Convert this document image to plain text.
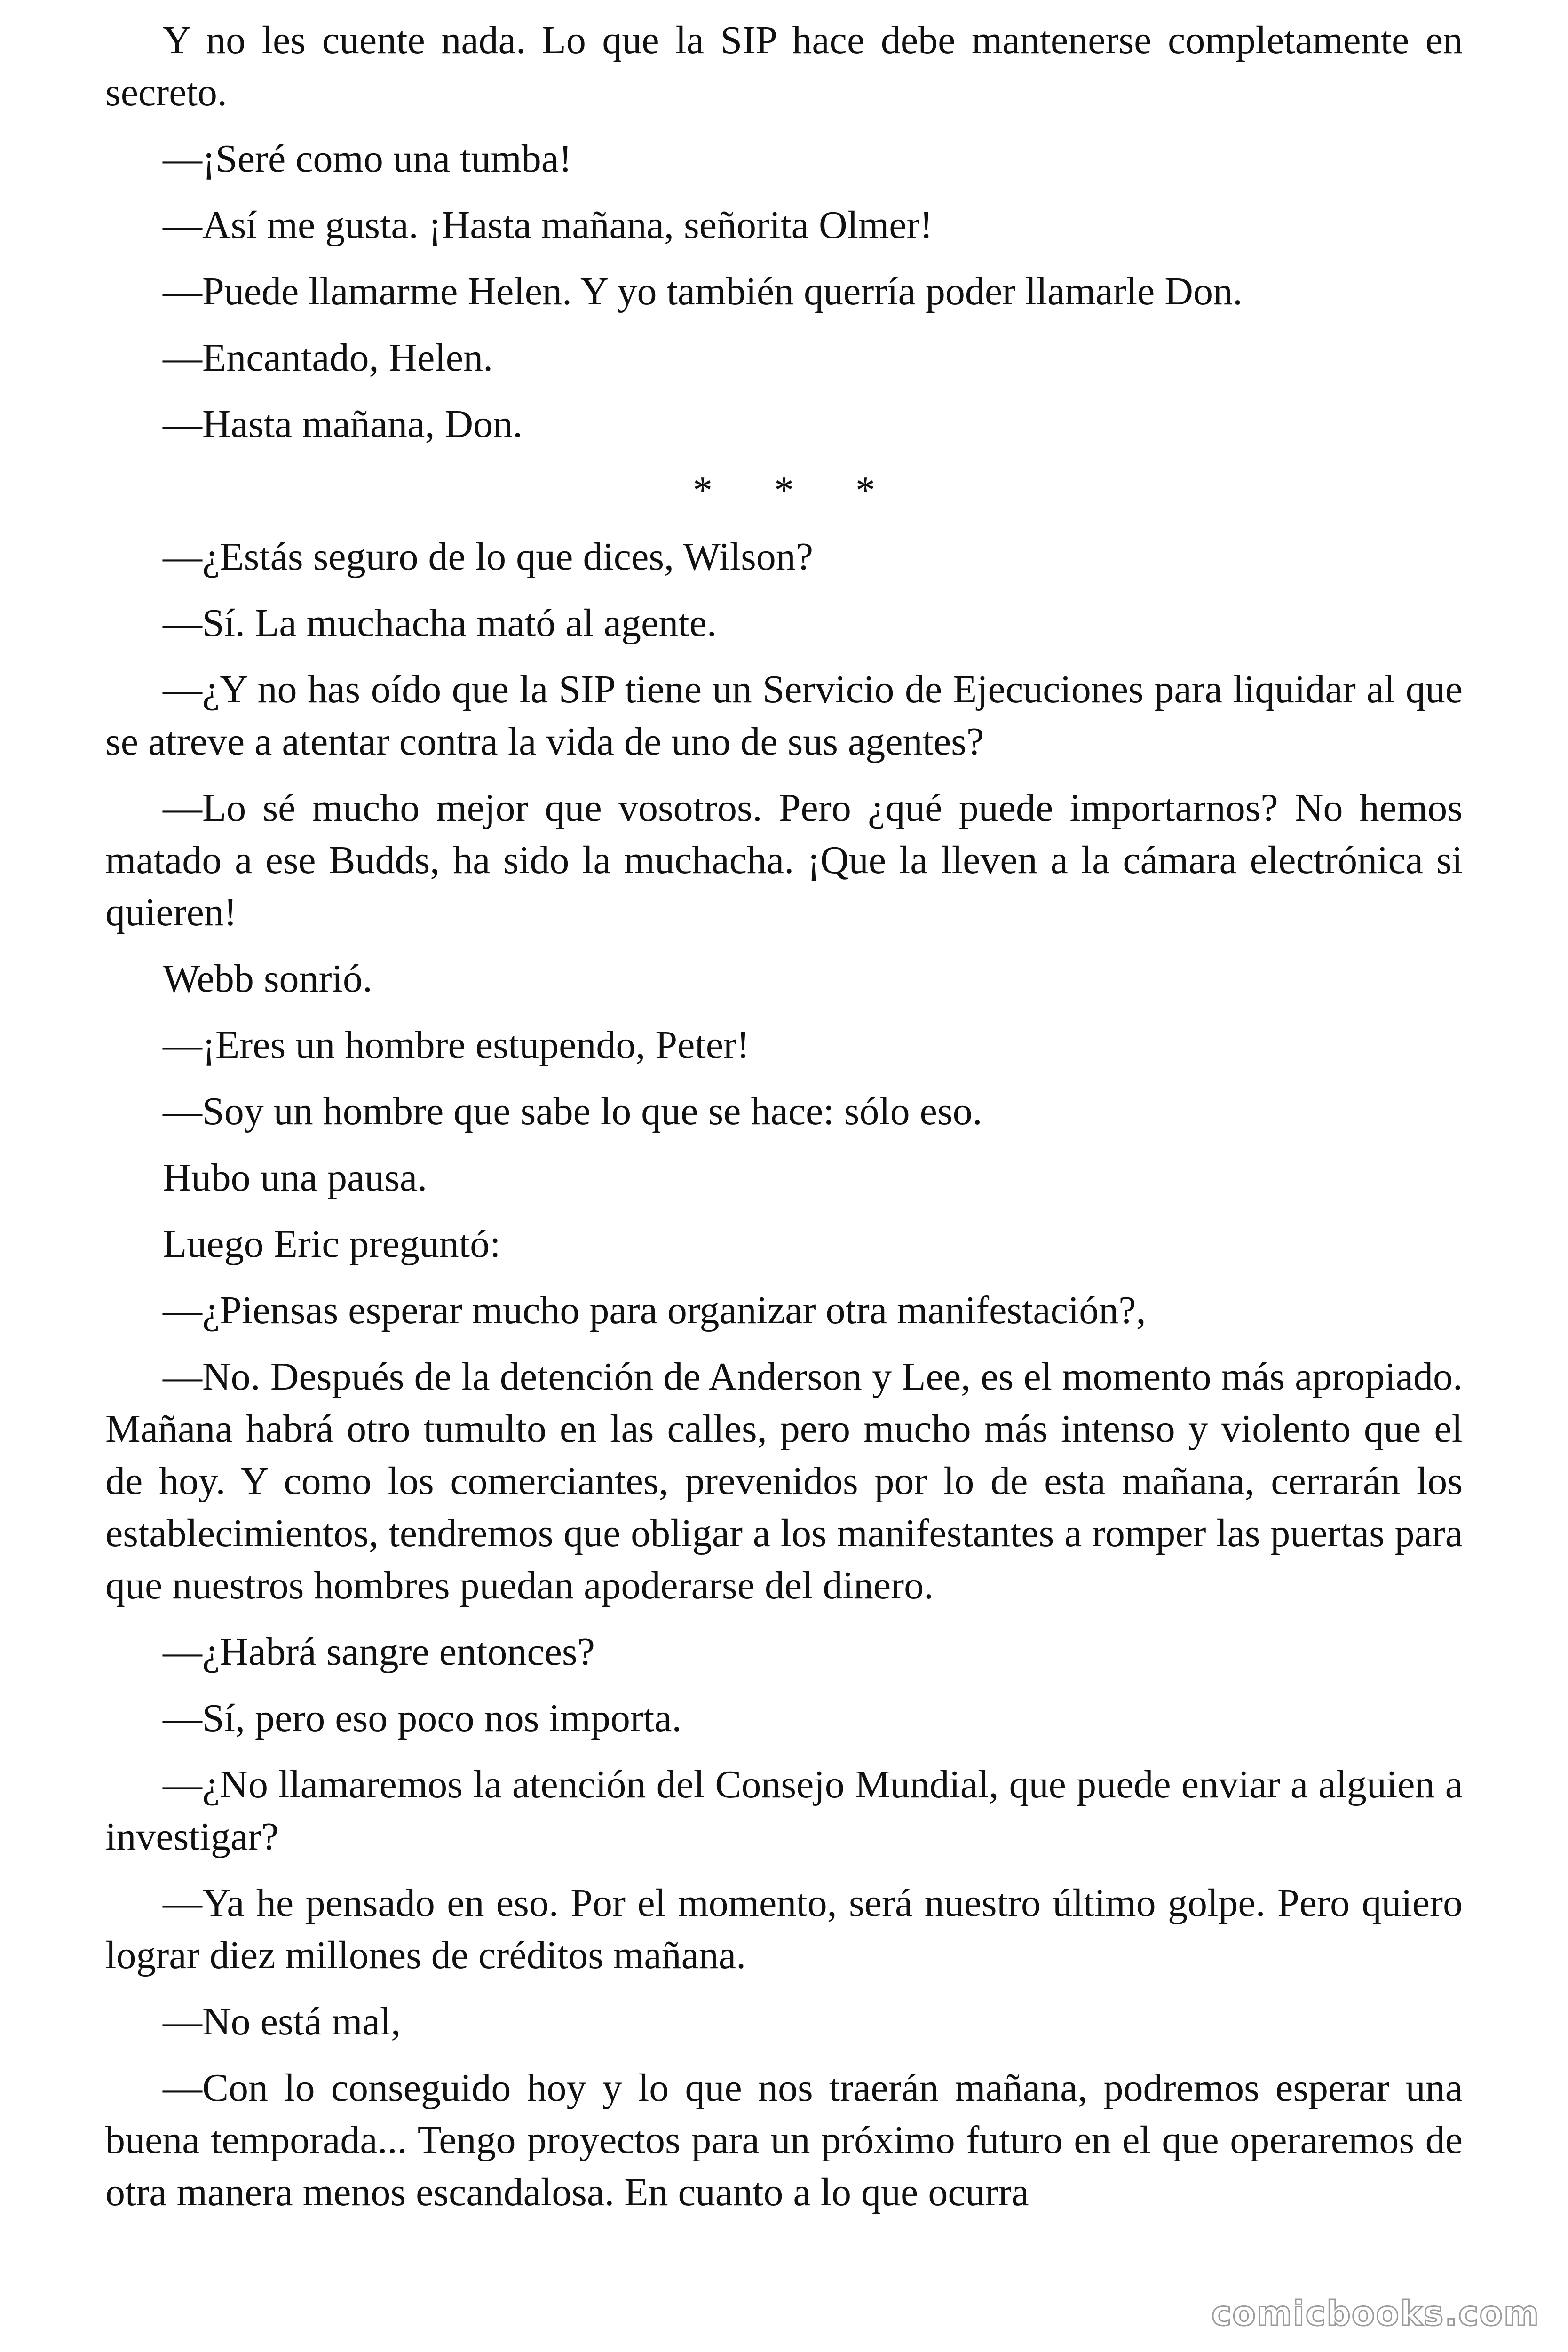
Y no les cuente nada. Lo que la SIP hace debe mantenerse completamente en secreto.

—¡Seré como una tumba!

—Así me gusta. ¡Hasta mañana, señorita Olmer!

—Puede llamarme Helen. Y yo también querría poder llamarle Don.

—Encantado, Helen.

—Hasta mañana, Don.

* * *

—¿Estás seguro de lo que dices, Wilson?

—Sí. La muchacha mató al agente.

—¿Y no has oído que la SIP tiene un Servicio de Ejecuciones para liquidar al que se atreve a atentar contra la vida de uno de sus agentes?

—Lo sé mucho mejor que vosotros. Pero ¿qué puede importarnos? No hemos matado a ese Budds, ha sido la muchacha. ¡Que la lleven a la cámara electrónica si quieren!

Webb sonrió.

—¡Eres un hombre estupendo, Peter!

—Soy un hombre que sabe lo que se hace: sólo eso.

Hubo una pausa.

Luego Eric preguntó:

—¿Piensas esperar mucho para organizar otra manifestación?,

—No. Después de la detención de Anderson y Lee, es el momento más apropiado. Mañana habrá otro tumulto en las calles, pero mucho más intenso y violento que el de hoy. Y como los comerciantes, prevenidos por lo de esta mañana, cerrarán los establecimientos, tendremos que obligar a los manifestantes a romper las puertas para que nuestros hombres puedan apoderarse del dinero.

—¿Habrá sangre entonces?

—Sí, pero eso poco nos importa.

—¿No llamaremos la atención del Consejo Mundial, que puede enviar a alguien a investigar?

—Ya he pensado en eso. Por el momento, será nuestro último golpe. Pero quiero lograr diez millones de créditos mañana.

—No está mal,

—Con lo conseguido hoy y lo que nos traerán mañana, podremos esperar una buena temporada... Tengo proyectos para un próximo futuro en el que operaremos de otra manera menos escandalosa. En cuanto a lo que ocurra

comicbooks.com
